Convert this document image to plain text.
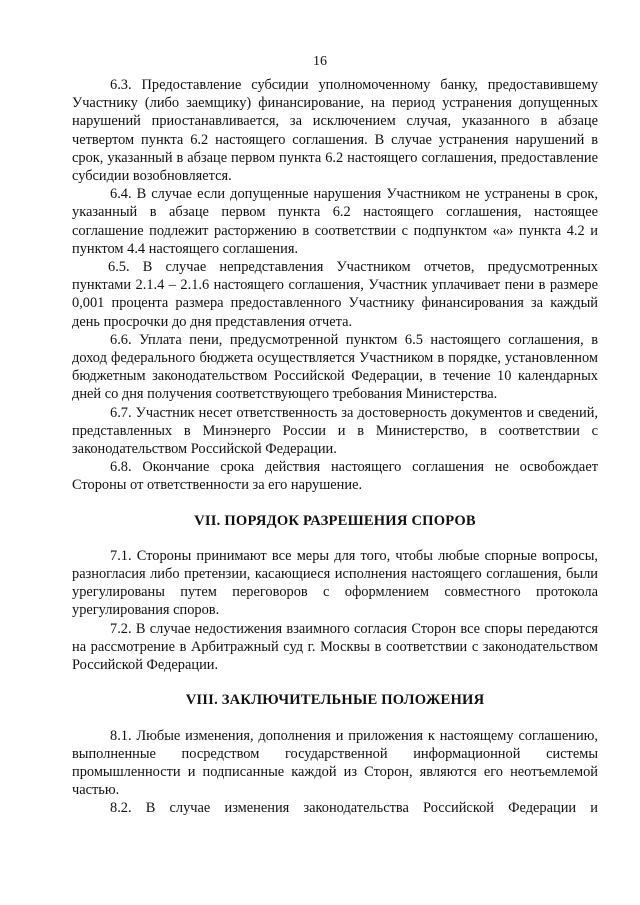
16

6.3. Предоставление субсидии уполномоченному банку, предоставившему Участнику (либо заемщику) финансирование, на период устранения допущенных нарушений приостанавливается, за исключением случая, указанного в абзаце четвертом пункта 6.2 настоящего соглашения. В случае устранения нарушений в срок, указанный в абзаце первом пункта 6.2 настоящего соглашения, предоставление субсидии возобновляется.

6.4. В случае если допущенные нарушения Участником не устранены в срок, указанный в абзаце первом пункта 6.2 настоящего соглашения, настоящее соглашение подлежит расторжению в соответствии с подпунктом «а» пункта 4.2 и пунктом 4.4 настоящего соглашения.

6.5. В случае непредставления Участником отчетов, предусмотренных пунктами 2.1.4 – 2.1.6 настоящего соглашения, Участник уплачивает пени в размере 0,001 процента размера предоставленного Участнику финансирования за каждый день просрочки до дня представления отчета.

6.6. Уплата пени, предусмотренной пунктом 6.5 настоящего соглашения, в доход федерального бюджета осуществляется Участником в порядке, установленном бюджетным законодательством Российской Федерации, в течение 10 календарных дней со дня получения соответствующего требования Министерства.

6.7. Участник несет ответственность за достоверность документов и сведений, представленных в Минэнерго России и в Министерство, в соответствии с законодательством Российской Федерации.

6.8. Окончание срока действия настоящего соглашения не освобождает Стороны от ответственности за его нарушение.

VII. ПОРЯДОК РАЗРЕШЕНИЯ СПОРОВ

7.1. Стороны принимают все меры для того, чтобы любые спорные вопросы, разногласия либо претензии, касающиеся исполнения настоящего соглашения, были урегулированы путем переговоров с оформлением совместного протокола урегулирования споров.

7.2. В случае недостижения взаимного согласия Сторон все споры передаются на рассмотрение в Арбитражный суд г. Москвы в соответствии с законодательством Российской Федерации.

VIII. ЗАКЛЮЧИТЕЛЬНЫЕ ПОЛОЖЕНИЯ

8.1. Любые изменения, дополнения и приложения к настоящему соглашению, выполненные посредством государственной информационной системы промышленности и подписанные каждой из Сторон, являются его неотъемлемой частью.

8.2. В случае изменения законодательства Российской Федерации и
